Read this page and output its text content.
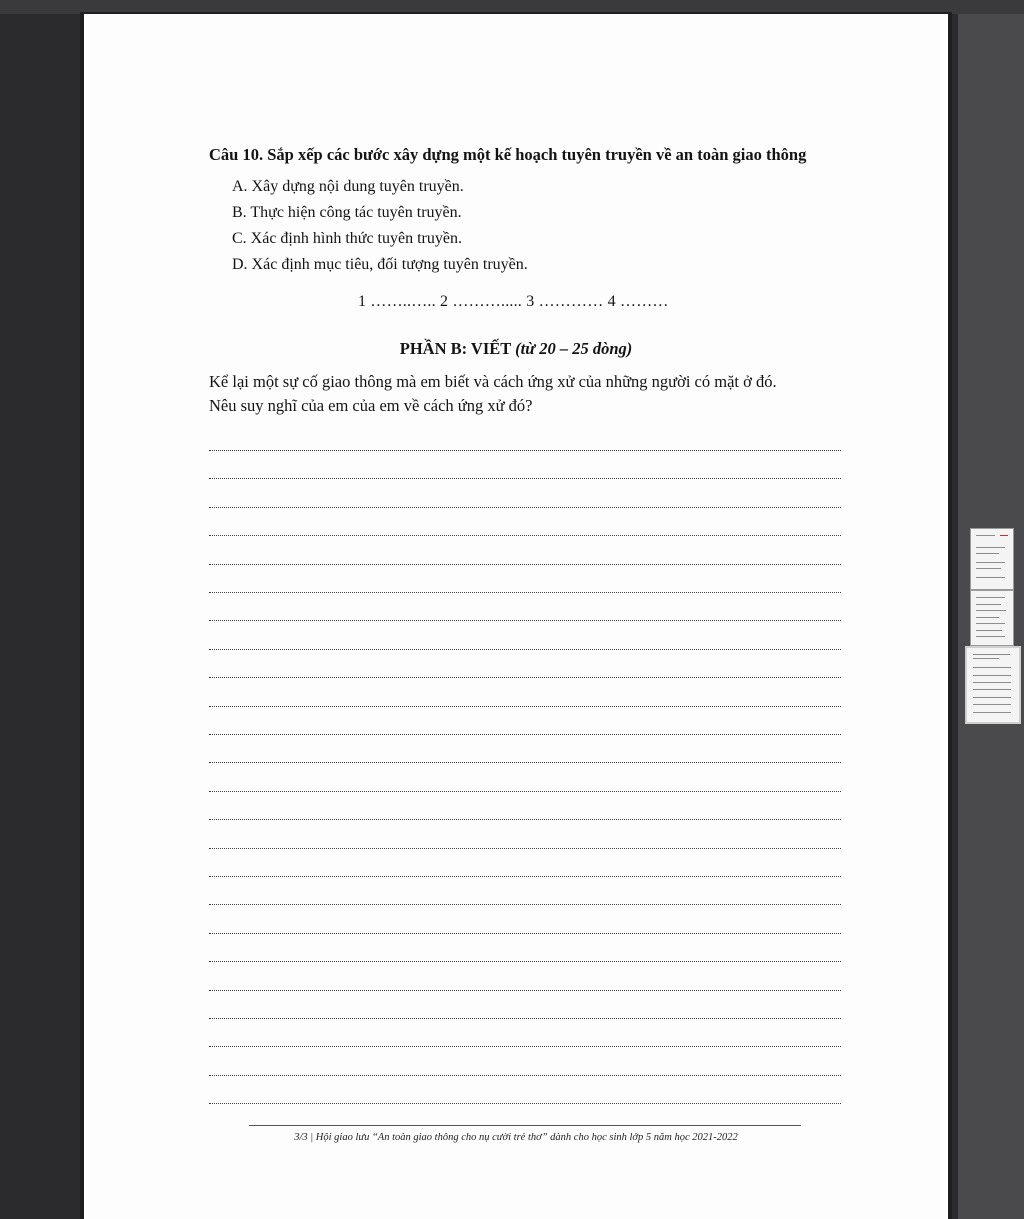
Câu 10. Sắp xếp các bước xây dựng một kế hoạch tuyên truyền về an toàn giao thông
A. Xây dựng nội dung tuyên truyền.
B. Thực hiện công tác tuyên truyền.
C. Xác định hình thức tuyên truyền.
D. Xác định mục tiêu, đối tượng tuyên truyền.
1 ……..….. 2 ………..... 3 ………… 4 ………
PHẦN B: VIẾT (từ 20 – 25 dòng)
Kể lại một sự cố giao thông mà em biết và cách ứng xử của những người có mặt ở đó.
Nêu suy nghĩ của em của em về cách ứng xử đó?
3/3 | Hội giao lưu “An toàn giao thông cho nụ cười trẻ thơ” dành cho học sinh lớp 5 năm học 2021-2022
